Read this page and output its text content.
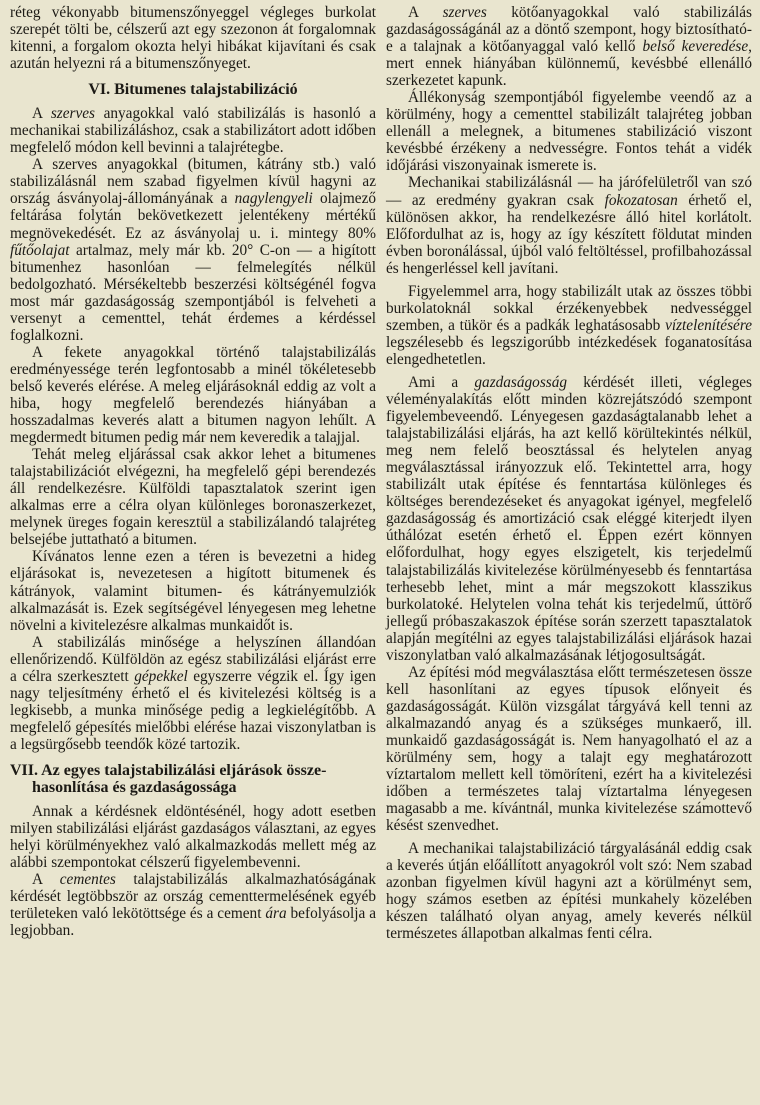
réteg vékonyabb bitumenszőnyeggel végleges burkolat szerepét tölti be, célszerű azt egy szezonon át forgalomnak kitenni, a forgalom okozta helyi hibákat kijavítani és csak azután helyezni rá a bitumenszőnyeget.

VI. Bitumenes talajstabilizáció

A szerves anyagokkal való stabilizálás is hasonló a mechanikai stabilizáláshoz, csak a stabilizátort adott időben megfelelő módon kell bevinni a talajrétegbe.

A szerves anyagokkal (bitumen, kátrány stb.) való stabilizálásnál nem szabad figyelmen kívül hagyni az ország ásványolaj-állományának a nagylengyeli olajmező feltárása folytán bekövetkezett jelentékeny mértékű megnövekedését. Ez az ásványolaj u. i. mintegy 80% fűtőolajat artalmaz, mely már kb. 20° C-on — a higított bitumenhez hasonlóan — felmelegítés nélkül bedolgozható. Mérsékeltebb beszerzési költségénél fogva most már gazdaságosság szempontjából is felveheti a versenyt a cementtel, tehát érdemes a kérdéssel foglalkozni.

A fekete anyagokkal történő talajstabilizálás eredményessége terén legfontosabb a minél tökéletesebb belső keverés elérése. A meleg eljárásoknál eddig az volt a hiba, hogy megfelelő berendezés hiányában a hosszadalmas keverés alatt a bitumen nagyon lehűlt. A megdermedt bitumen pedig már nem keveredik a talajjal.

Tehát meleg eljárással csak akkor lehet a bitumenes talajstabilizációt elvégezni, ha megfelelő gépi berendezés áll rendelkezésre. Külföldi tapasztalatok szerint igen alkalmas erre a célra olyan különleges boronaszerkezet, melynek üreges fogain keresztül a stabilizálandó talajréteg belsejébe juttatható a bitumen.

Kívánatos lenne ezen a téren is bevezetni a hideg eljárásokat is, nevezetesen a higított bitumenek és kátrányok, valamint bitumen- és kátrányemulziók alkalmazását is. Ezek segítségével lényegesen meg lehetne növelni a kivitelezésre alkalmas munkaidőt is.

A stabilizálás minősége a helyszínen állandóan ellenőrizendő. Külföldön az egész stabilizálási eljárást erre a célra szerkesztett gépekkel egyszerre végzik el. Így igen nagy teljesítmény érhető el és kivitelezési költség is a legkisebb, a munka minősége pedig a legkielégítőbb. A megfelelő gépesítés mielőbbi elérése hazai viszonylatban is a legsürgősebb teendők közé tartozik.

VII. Az egyes talajstabilizálási eljárások össze-
hasonlítása és gazdaságossága

Annak a kérdésnek eldöntésénél, hogy adott esetben milyen stabilizálási eljárást gazdaságos választani, az egyes helyi körülményekhez való alkalmazkodás mellett még az alábbi szempontokat célszerű figyelembevenni.

A cementes talajstabilizálás alkalmazhatóságának kérdését legtöbbször az ország cementtermelésének egyéb területeken való lekötöttsége és a cement ára befolyásolja a legjobban.

A szerves kötőanyagokkal való stabilizálás gazdaságosságánál az a döntő szempont, hogy biztosítható-e a talajnak a kötőanyaggal való kellő belső keveredése, mert ennek hiányában különnemű, kevésbbé ellenálló szerkezetet kapunk.

Állékonyság szempontjából figyelembe veendő az a körülmény, hogy a cementtel stabilizált talajréteg jobban ellenáll a melegnek, a bitumenes stabilizáció viszont kevésbbé érzékeny a nedvességre. Fontos tehát a vidék időjárási viszonyainak ismerete is.

Mechanikai stabilizálásnál — ha járófelületről van szó — az eredmény gyakran csak fokozatosan érhető el, különösen akkor, ha rendelkezésre álló hitel korlátolt. Előfordulhat az is, hogy az így készített földutat minden évben boronálással, újból való feltöltéssel, profilbahozással és hengerléssel kell javítani.

Figyelemmel arra, hogy stabilizált utak az összes többi burkolatoknál sokkal érzékenyebbek nedvességgel szemben, a tükör és a padkák leghatásosabb víztelenítésére legszélesebb és legszigorúbb intézkedések foganatosítása elengedhetetlen.

Ami a gazdaságosság kérdését illeti, végleges véleményalakítás előtt minden közrejátszódó szempont figyelembeveendő. Lényegesen gazdaságtalanabb lehet a talajstabilizálási eljárás, ha azt kellő körültekintés nélkül, meg nem felelő beosztással és helytelen anyag megválasztással irányozzuk elő. Tekintettel arra, hogy stabilizált utak építése és fenntartása különleges és költséges berendezéseket és anyagokat igényel, megfelelő gazdaságosság és amortizáció csak eléggé kiterjedt ilyen úthálózat esetén érhető el. Éppen ezért könnyen előfordulhat, hogy egyes elszigetelt, kis terjedelmű talajstabilizálás kivitelezése körülményesebb és fenntartása terhesebb lehet, mint a már megszokott klasszikus burkolatoké. Helytelen volna tehát kis terjedelmű, úttörő jellegű próbaszakaszok építése során szerzett tapasztalatok alapján megítélni az egyes talajstabilizálási eljárások hazai viszonylatban való alkalmazásának létjogosultságát.

Az építési mód megválasztása előtt természetesen össze kell hasonlítani az egyes típusok előnyeit és gazdaságosságát. Külön vizsgálat tárgyává kell tenni az alkalmazandó anyag és a szükséges munkaerő, ill. munkaidő gazdaságosságát is. Nem hanyagolható el az a körülmény sem, hogy a talajt egy meghatározott víztartalom mellett kell tömöríteni, ezért ha a kivitelezési időben a természetes talaj víztartalma lényegesen magasabb a me. kívántnál, munka kivitelezése számottevő késést szenvedhet.

A mechanikai talajstabilizáció tárgyalásánál eddig csak a keverés útján előállított anyagokról volt szó: Nem szabad azonban figyelmen kívül hagyni azt a körülményt sem, hogy számos esetben az építési munkahely közelében készen található olyan anyag, amely keverés nélkül természetes állapotban alkalmas fenti célra.
